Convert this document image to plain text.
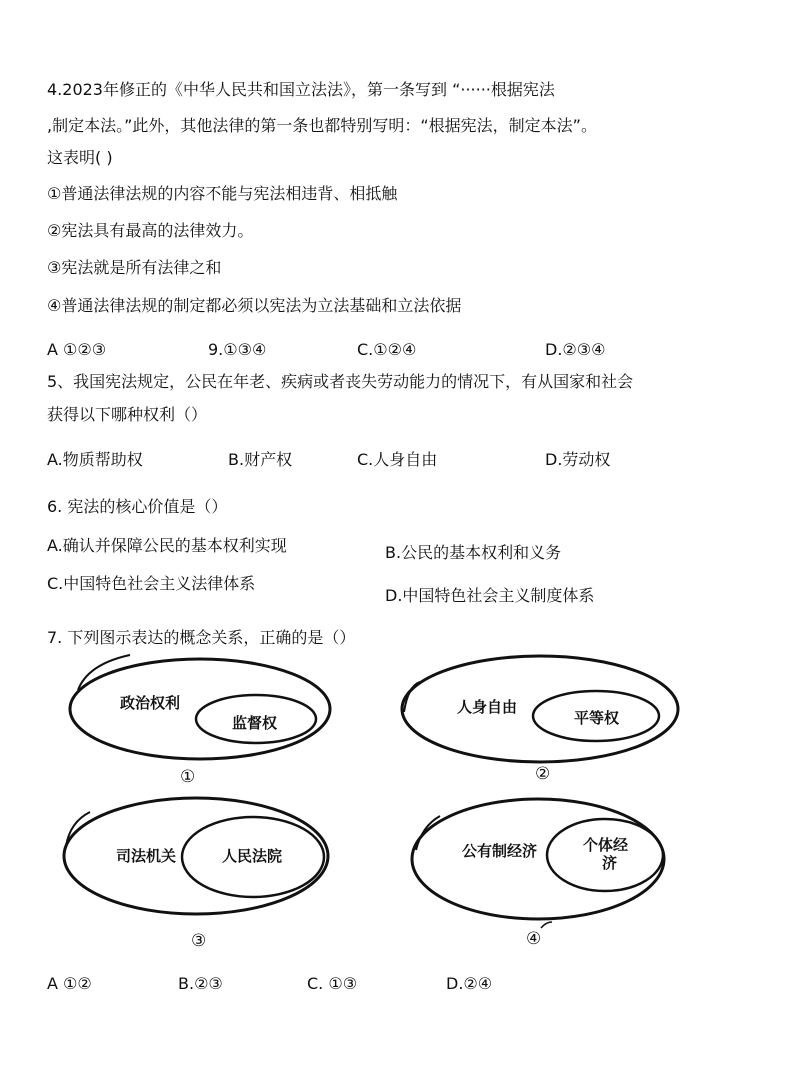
4.2023年修正的《中华人民共和国立法法》，第一条写到 “······根据宪法
,制定本法。”此外，其他法律的第一条也都特别写明：“根据宪法，制定本法”。
这表明( )
①普通法律法规的内容不能与宪法相违背、相抵触
②宪法具有最高的法律效力。
③宪法就是所有法律之和
④普通法律法规的制定都必须以宪法为立法基础和立法依据
A ①②③	9.①③④	C.①②④	D.②③④
5、我国宪法规定，公民在年老、疾病或者丧失劳动能力的情况下，有从国家和社会
获得以下哪种权利（）
A.物质帮助权	B.财产权	C.人身自由	D.劳动权
6. 宪法的核心价值是（）
A.确认并保障公民的基本权利实现	B.公民的基本权利和义务
C.中国特色社会主义法律体系
D.中国特色社会主义制度体系
7. 下列图示表达的概念关系，正确的是（）
政治权利
监督权
①
人身自由
平等权
②
司法机关	人民法院
③
公有制经济	个体经
济
④
A ①②	B.②③	C. ①③	D.②④
